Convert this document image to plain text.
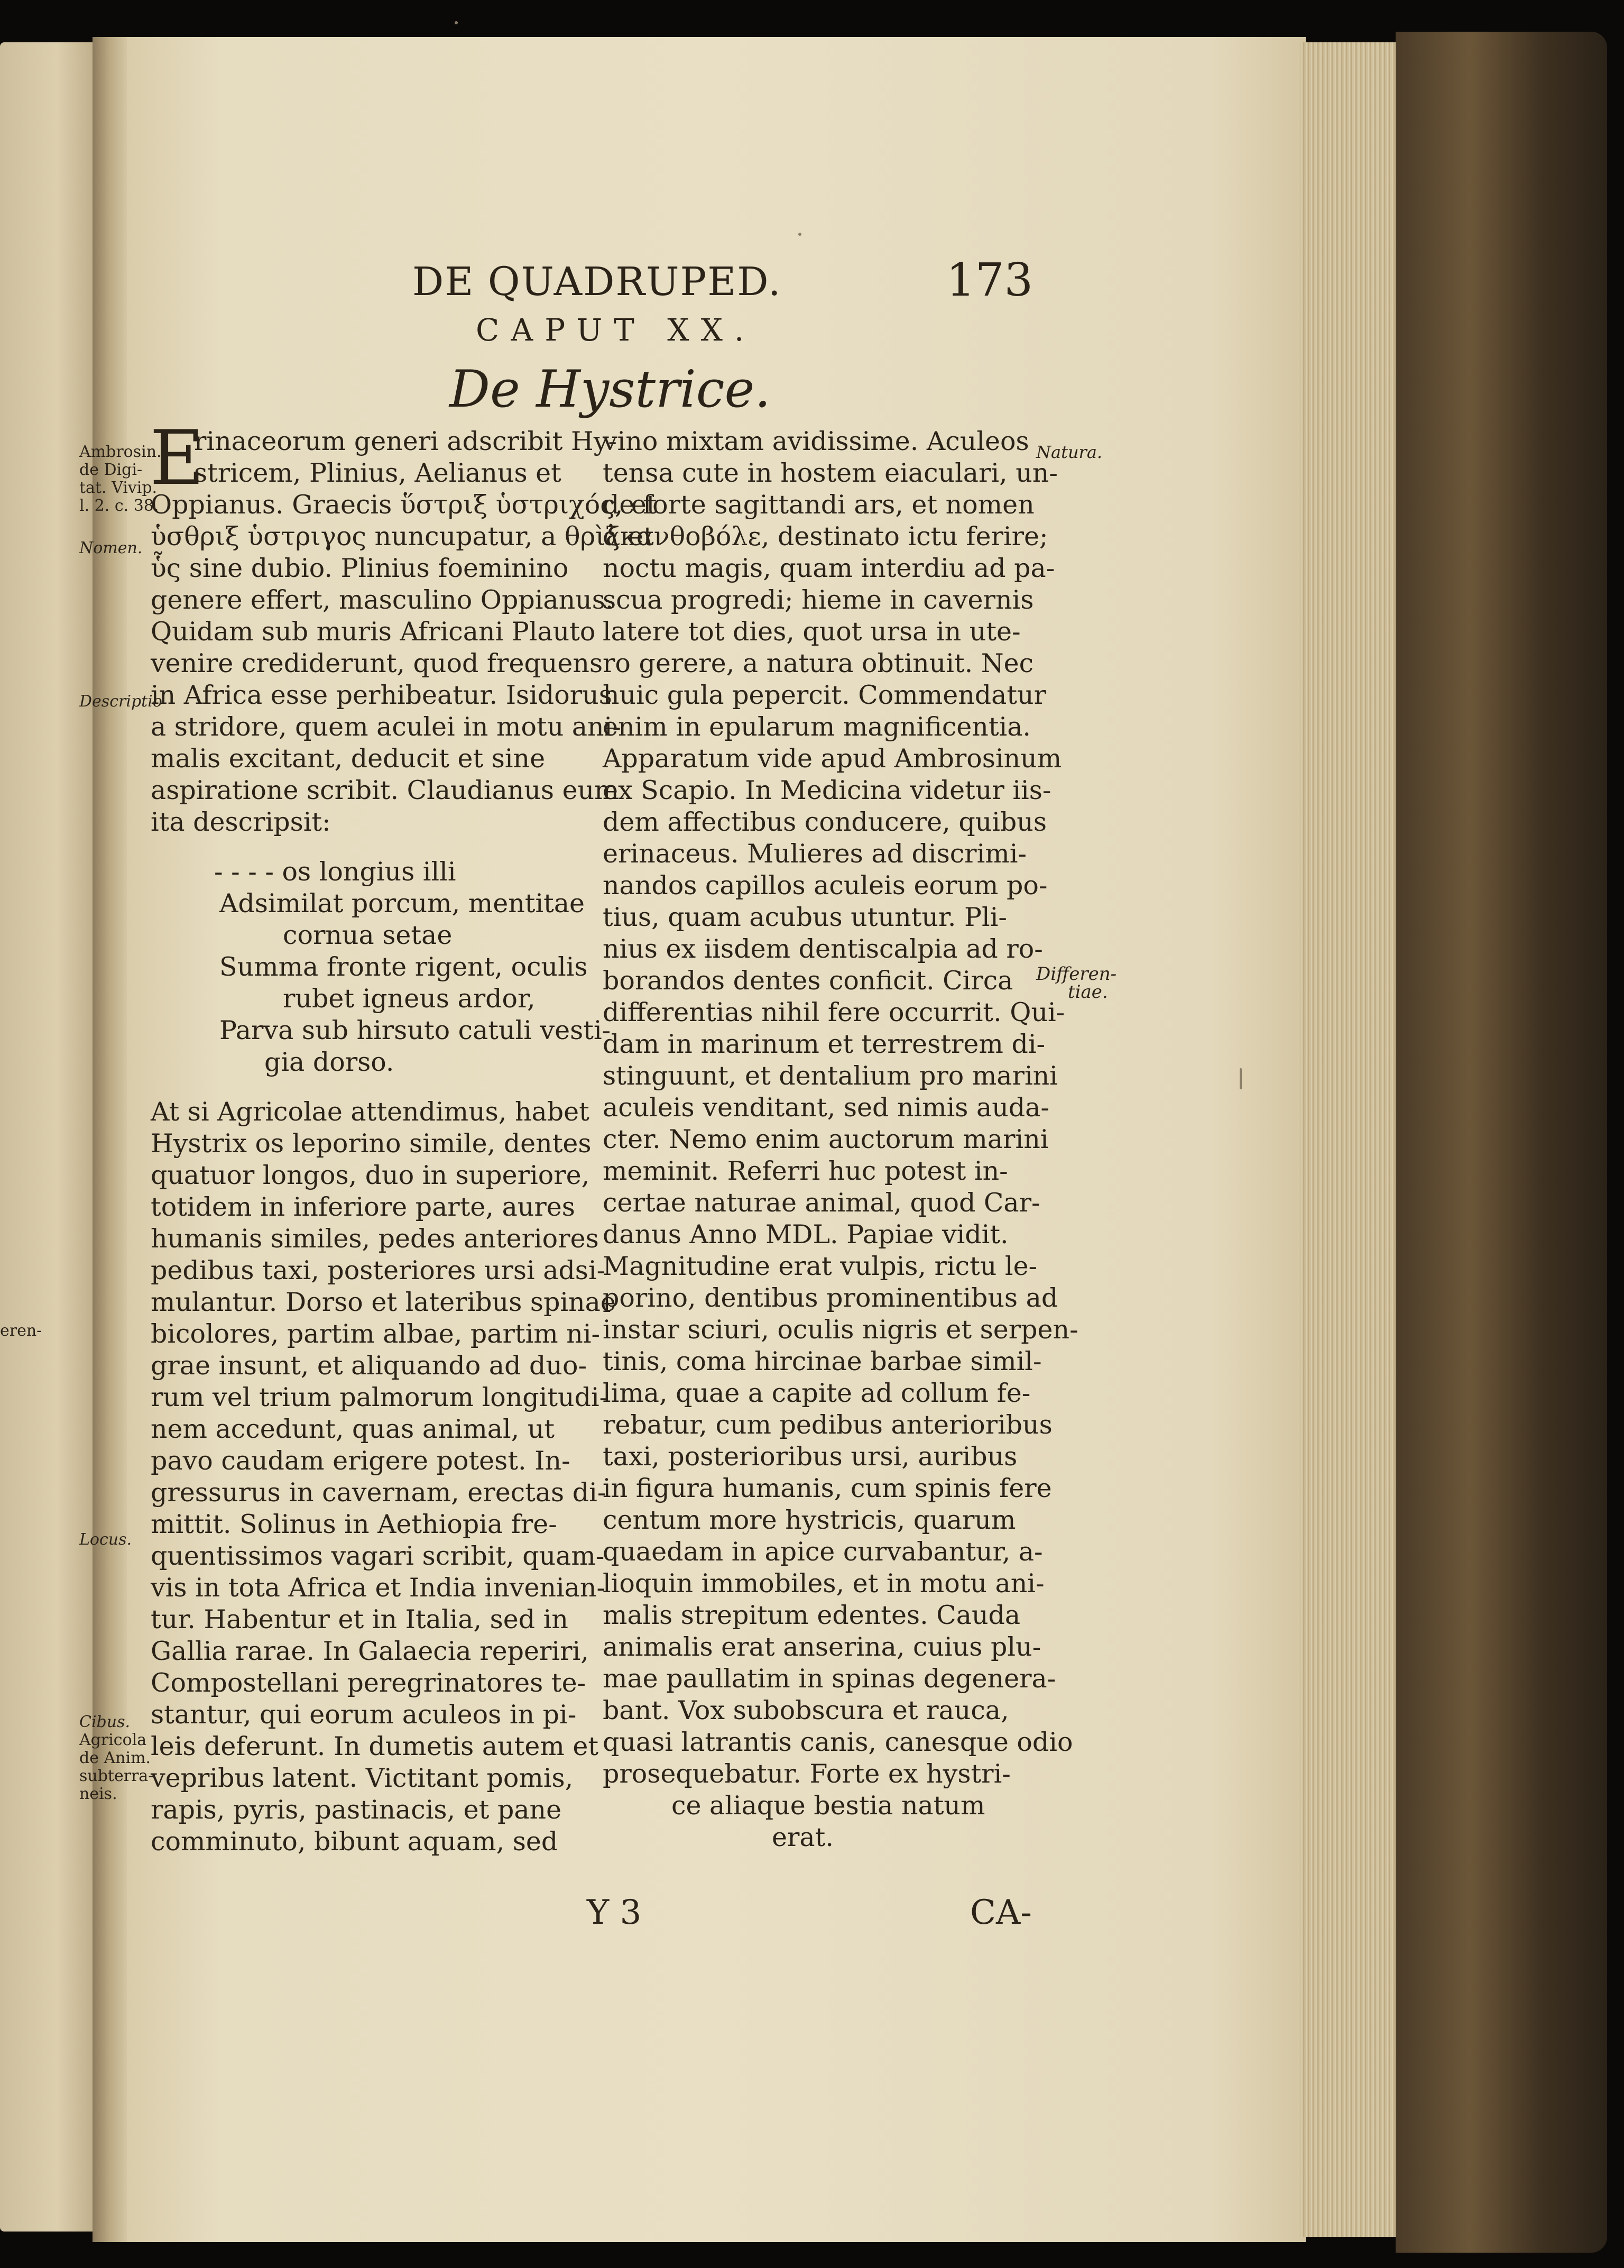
eren-
DE QUADRUPED.	173
CAPUT XX.
De Hystrice.
Ambrosin.
de Digi-
tat. Vivip.
l. 2. c. 38.
Nomen.
Descriptio
Locus.
Cibus.
Agricola
de Anim.
subterra-
neis.
Natura.
Differen-
tiae.
E
rinaceorum generi adscribit Hy-
stricem, Plinius, Aelianus et
Oppianus. Graecis ὕστριξ ὑστριχός, et
ὑσθριξ ὑστριγος nuncupatur, a θρὶξ et
ὗς sine dubio. Plinius foeminino
genere effert, masculino Oppianus.
Quidam sub muris Africani Plauto
venire crediderunt, quod frequens
in Africa esse perhibeatur. Isidorus
a stridore, quem aculei in motu ani-
malis excitant, deducit et sine
aspiratione scribit. Claudianus eum
ita descripsit:
- - - - os longius illi
Adsimilat porcum, mentitae
cornua setae
Summa fronte rigent, oculis
rubet igneus ardor,
Parva sub hirsuto catuli vesti-
gia dorso.
At si Agricolae attendimus, habet
Hystrix os leporino simile, dentes
quatuor longos, duo in superiore,
totidem in inferiore parte, aures
humanis similes, pedes anteriores
pedibus taxi, posteriores ursi adsi-
mulantur. Dorso et lateribus spinae
bicolores, partim albae, partim ni-
grae insunt, et aliquando ad duo-
rum vel trium palmorum longitudi-
nem accedunt, quas animal, ut
pavo caudam erigere potest. In-
gressurus in cavernam, erectas di-
mittit. Solinus in Aethiopia fre-
quentissimos vagari scribit, quam-
vis in tota Africa et India invenian-
tur. Habentur et in Italia, sed in
Gallia rarae. In Galaecia reperiri,
Compostellani peregrinatores te-
stantur, qui eorum aculeos in pi-
leis deferunt. In dumetis autem et
vepribus latent. Victitant pomis,
rapis, pyris, pastinacis, et pane
comminuto, bibunt aquam, sed
vino mixtam avidissime. Aculeos
tensa cute in hostem eiaculari, un-
de forte sagittandi ars, et nomen
ἀκανθοβόλε, destinato ictu ferire;
noctu magis, quam interdiu ad pa-
scua progredi; hieme in cavernis
latere tot dies, quot ursa in ute-
ro gerere, a natura obtinuit. Nec
huic gula pepercit. Commendatur
enim in epularum magnificentia.
Apparatum vide apud Ambrosinum
ex Scapio. In Medicina videtur iis-
dem affectibus conducere, quibus
erinaceus. Mulieres ad discrimi-
nandos capillos aculeis eorum po-
tius, quam acubus utuntur. Pli-
nius ex iisdem dentiscalpia ad ro-
borandos dentes conficit. Circa
differentias nihil fere occurrit. Qui-
dam in marinum et terrestrem di-
stinguunt, et dentalium pro marini
aculeis venditant, sed nimis auda-
cter. Nemo enim auctorum marini
meminit. Referri huc potest in-
certae naturae animal, quod Car-
danus Anno MDL. Papiae vidit.
Magnitudine erat vulpis, rictu le-
porino, dentibus prominentibus ad
instar sciuri, oculis nigris et serpen-
tinis, coma hircinae barbae simil-
lima, quae a capite ad collum fe-
rebatur, cum pedibus anterioribus
taxi, posterioribus ursi, auribus
in figura humanis, cum spinis fere
centum more hystricis, quarum
quaedam in apice curvabantur, a-
lioquin immobiles, et in motu ani-
malis strepitum edentes. Cauda
animalis erat anserina, cuius plu-
mae paullatim in spinas degenera-
bant. Vox subobscura et rauca,
quasi latrantis canis, canesque odio
prosequebatur. Forte ex hystri-
ce aliaque bestia natum
erat.
Y 3	CA-
